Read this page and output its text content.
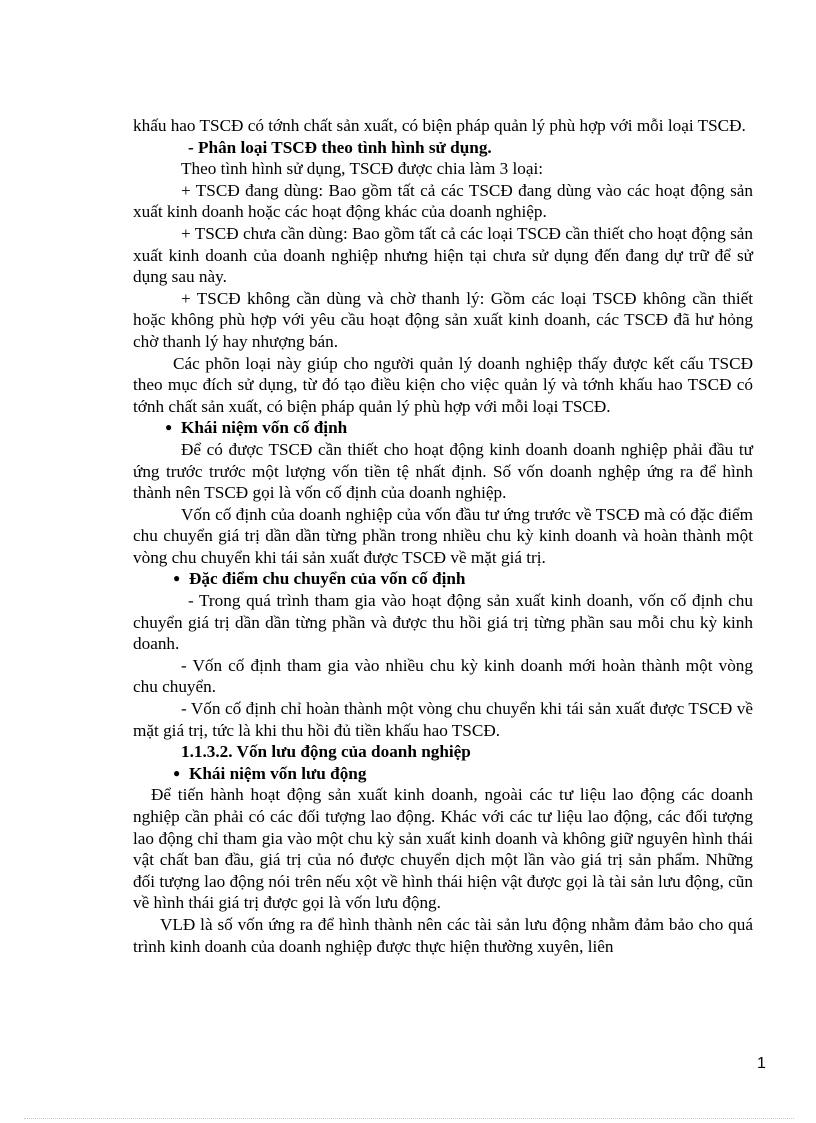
khấu hao TSCĐ có tớnh chất sản xuất, có biện pháp quản lý phù hợp với mỗi loại TSCĐ.

- Phân loại TSCĐ theo tình hình sử dụng.

Theo tình hình sử dụng, TSCĐ được chia làm 3 loại:

+ TSCĐ đang dùng: Bao gồm tất cả các TSCĐ đang dùng vào các hoạt động sản xuất kinh doanh hoặc các hoạt động khác của doanh nghiệp.

+ TSCĐ chưa cần dùng: Bao gồm tất cả các loại TSCĐ cần thiết cho hoạt động sản xuất kinh doanh của doanh nghiệp nhưng hiện tại chưa sử dụng đến đang dự trữ để sử dụng sau này.

+ TSCĐ không cần dùng và chờ thanh lý: Gồm các loại TSCĐ không cần thiết hoặc không phù hợp với yêu cầu hoạt động sản xuất kinh doanh, các TSCĐ đã hư hỏng chờ thanh lý hay nhượng bán.

Các phõn loại này giúp cho người quản lý doanh nghiệp thấy được kết cấu TSCĐ theo mục đích sử dụng, từ đó tạo điều kiện cho việc quản lý và tớnh khấu hao TSCĐ có tớnh chất sản xuất, có biện pháp quản lý phù hợp với mỗi loại TSCĐ.

● Khái niệm vốn cố định

Để có được TSCĐ cần thiết cho hoạt động kinh doanh doanh nghiệp phải đầu tư ứng trước trước một lượng vốn tiền tệ nhất định. Số vốn doanh nghệp ứng ra để hình thành nên TSCĐ gọi là vốn cố định của doanh nghiệp.

Vốn cố định của doanh nghiệp của vốn đầu tư ứng trước về TSCĐ mà có đặc điểm chu chuyển giá trị dần dần từng phần trong nhiều chu kỳ kinh doanh và hoàn thành một vòng chu chuyển khi tái sản xuất được TSCĐ về mặt giá trị.

● Đặc điểm chu chuyển của vốn cố định

- Trong quá trình tham gia vào hoạt động sản xuất kinh doanh, vốn cố định chu chuyển giá trị dần dần từng phần và được thu hồi giá trị từng phần sau mỗi chu kỳ kinh doanh.

- Vốn cố định tham gia vào nhiều chu kỳ kinh doanh mới hoàn thành một vòng chu chuyển.

- Vốn cố định chỉ hoàn thành một vòng chu chuyển khi tái sản xuất được TSCĐ về mặt giá trị, tức là khi thu hồi đủ tiền khấu hao TSCĐ.

1.1.3.2. Vốn lưu động của doanh nghiệp

● Khái niệm vốn lưu động

Để tiến hành hoạt động sản xuất kinh doanh, ngoài các tư liệu lao động các doanh nghiệp cần phải có các đối tượng lao động. Khác với các tư liệu lao động, các đối tượng lao động chỉ tham gia vào một chu kỳ sản xuất kinh doanh và không giữ nguyên hình thái vật chất ban đầu, giá trị của nó được chuyển dịch một lần vào giá trị sản phẩm. Những đối tượng lao động nói trên nếu xột về hình thái hiện vật được gọi là tài sản lưu động, cũn về hình thái giá trị được gọi là vốn lưu động.

VLĐ là số vốn ứng ra để hình thành nên các tài sản lưu động nhằm đảm bảo cho quá trình kinh doanh của doanh nghiệp được thực hiện thường xuyên, liên

1
